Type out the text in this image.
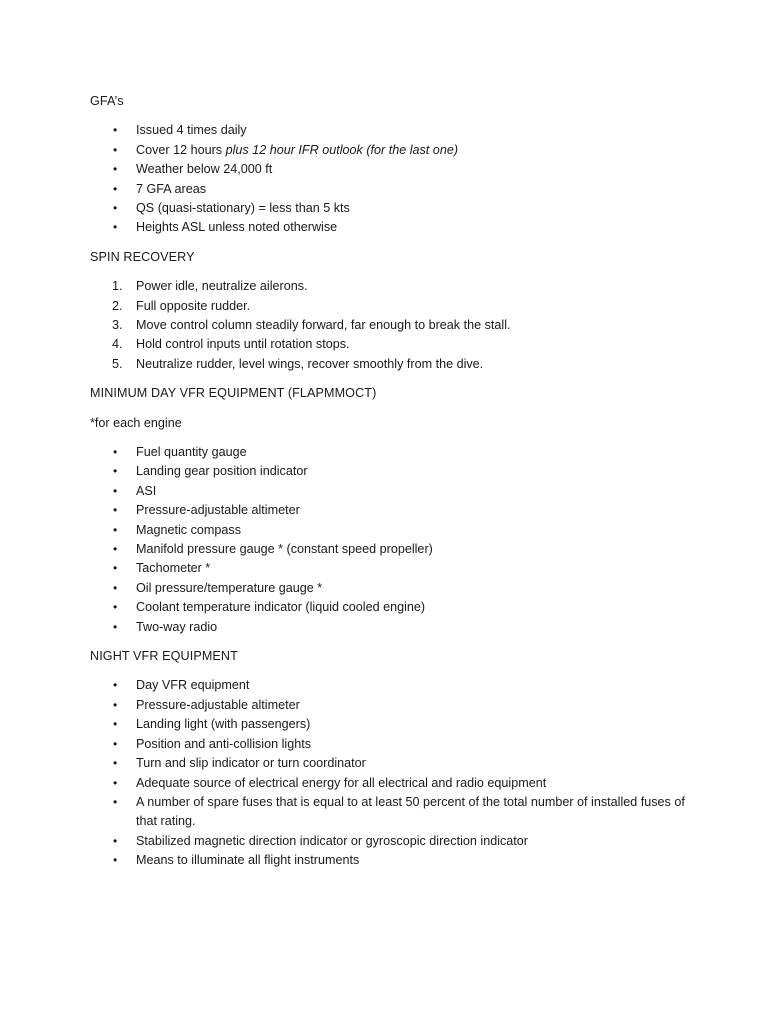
GFA’s
• Issued 4 times daily
• Cover 12 hours plus 12 hour IFR outlook (for the last one)
• Weather below 24,000 ft
• 7 GFA areas
• QS (quasi-stationary) = less than 5 kts
• Heights ASL unless noted otherwise
SPIN RECOVERY
1. Power idle, neutralize ailerons.
2. Full opposite rudder.
3. Move control column steadily forward, far enough to break the stall.
4. Hold control inputs until rotation stops.
5. Neutralize rudder, level wings, recover smoothly from the dive.
MINIMUM DAY VFR EQUIPMENT (FLAPMMOCT)
*for each engine
• Fuel quantity gauge
• Landing gear position indicator
• ASI
• Pressure-adjustable altimeter
• Magnetic compass
• Manifold pressure gauge * (constant speed propeller)
• Tachometer *
• Oil pressure/temperature gauge *
• Coolant temperature indicator (liquid cooled engine)
• Two-way radio
NIGHT VFR EQUIPMENT
• Day VFR equipment
• Pressure-adjustable altimeter
• Landing light (with passengers)
• Position and anti-collision lights
• Turn and slip indicator or turn coordinator
• Adequate source of electrical energy for all electrical and radio equipment
• A number of spare fuses that is equal to at least 50 percent of the total number of installed fuses of that rating.
• Stabilized magnetic direction indicator or gyroscopic direction indicator
• Means to illuminate all flight instruments
